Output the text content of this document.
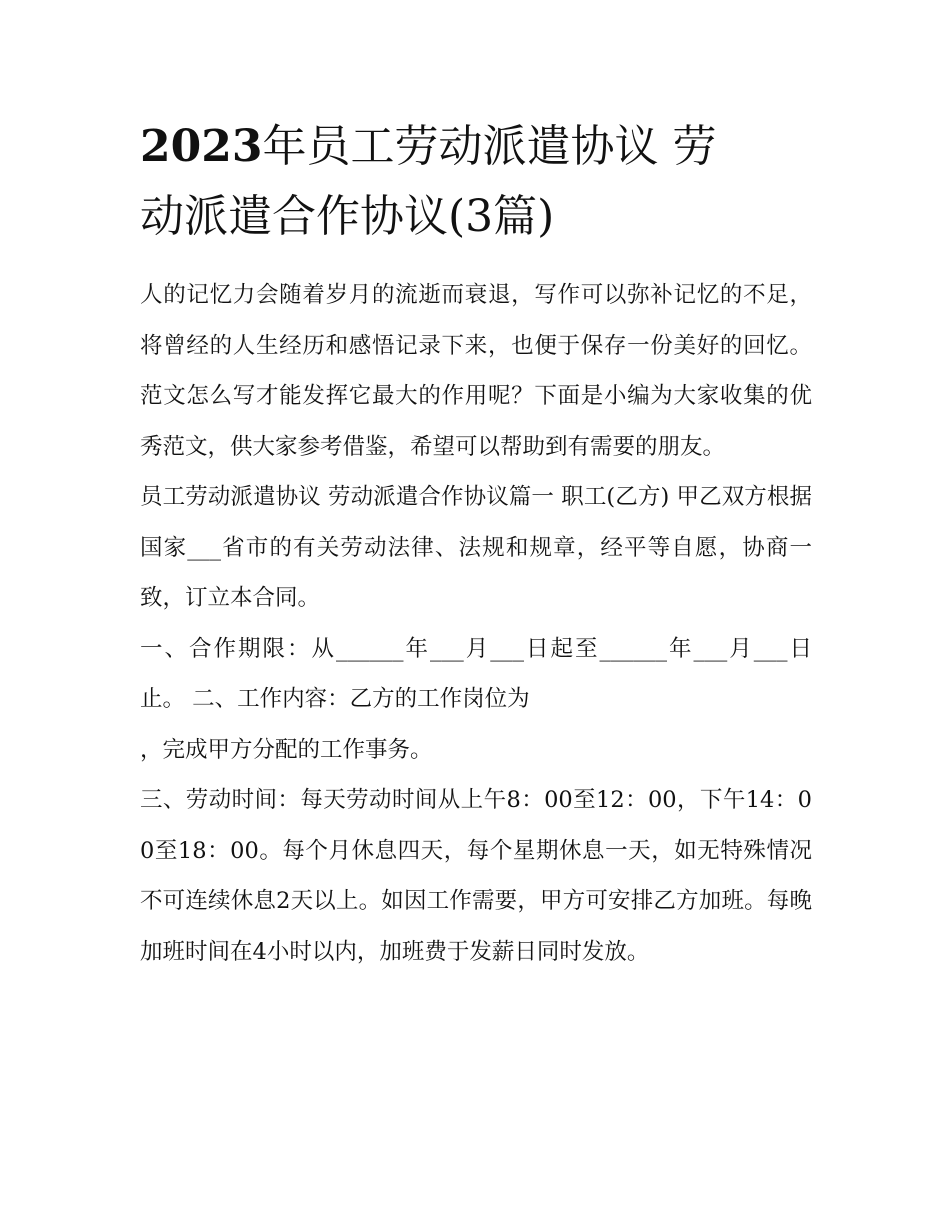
2023年员工劳动派遣协议 劳
动派遣合作协议(3篇)

人的记忆力会随着岁月的流逝而衰退，写作可以弥补记忆的不足，将曾经的人生经历和感悟记录下来，也便于保存一份美好的回忆。范文怎么写才能发挥它最大的作用呢？下面是小编为大家收集的优秀范文，供大家参考借鉴，希望可以帮助到有需要的朋友。

员工劳动派遣协议 劳动派遣合作协议篇一 职工(乙方) 甲乙双方根据国家___省市的有关劳动法律、法规和规章，经平等自愿，协商一致，订立本合同。

一、合作期限：从______年___月___日起至______年___月___日止。 二、工作内容：乙方的工作岗位为

，完成甲方分配的工作事务。

三、劳动时间：每天劳动时间从上午8：00至12：00，下午14：00至18：00。每个月休息四天，每个星期休息一天，如无特殊情况不可连续休息2天以上。如因工作需要，甲方可安排乙方加班。每晚加班时间在4小时以内，加班费于发薪日同时发放。
